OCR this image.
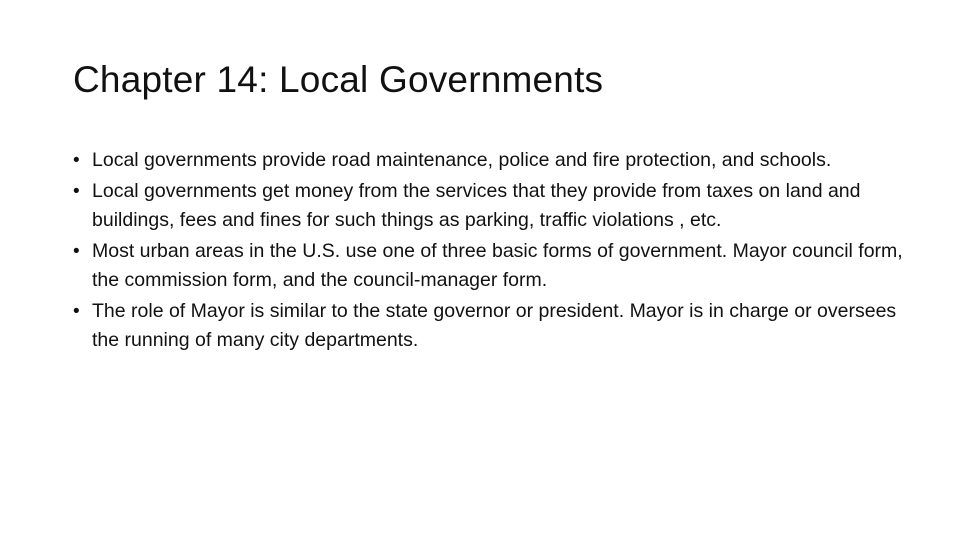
Chapter 14: Local Governments
• Local governments provide road maintenance, police and fire protection, and schools.
• Local governments get money from the services that they provide from taxes on land and buildings, fees and fines for such things as parking, traffic violations , etc.
• Most urban areas in the U.S. use one of three basic forms of government. Mayor council form, the commission form, and the council-manager form.
• The role of Mayor is similar to the state governor or president. Mayor is in charge or oversees the running of many city departments.
